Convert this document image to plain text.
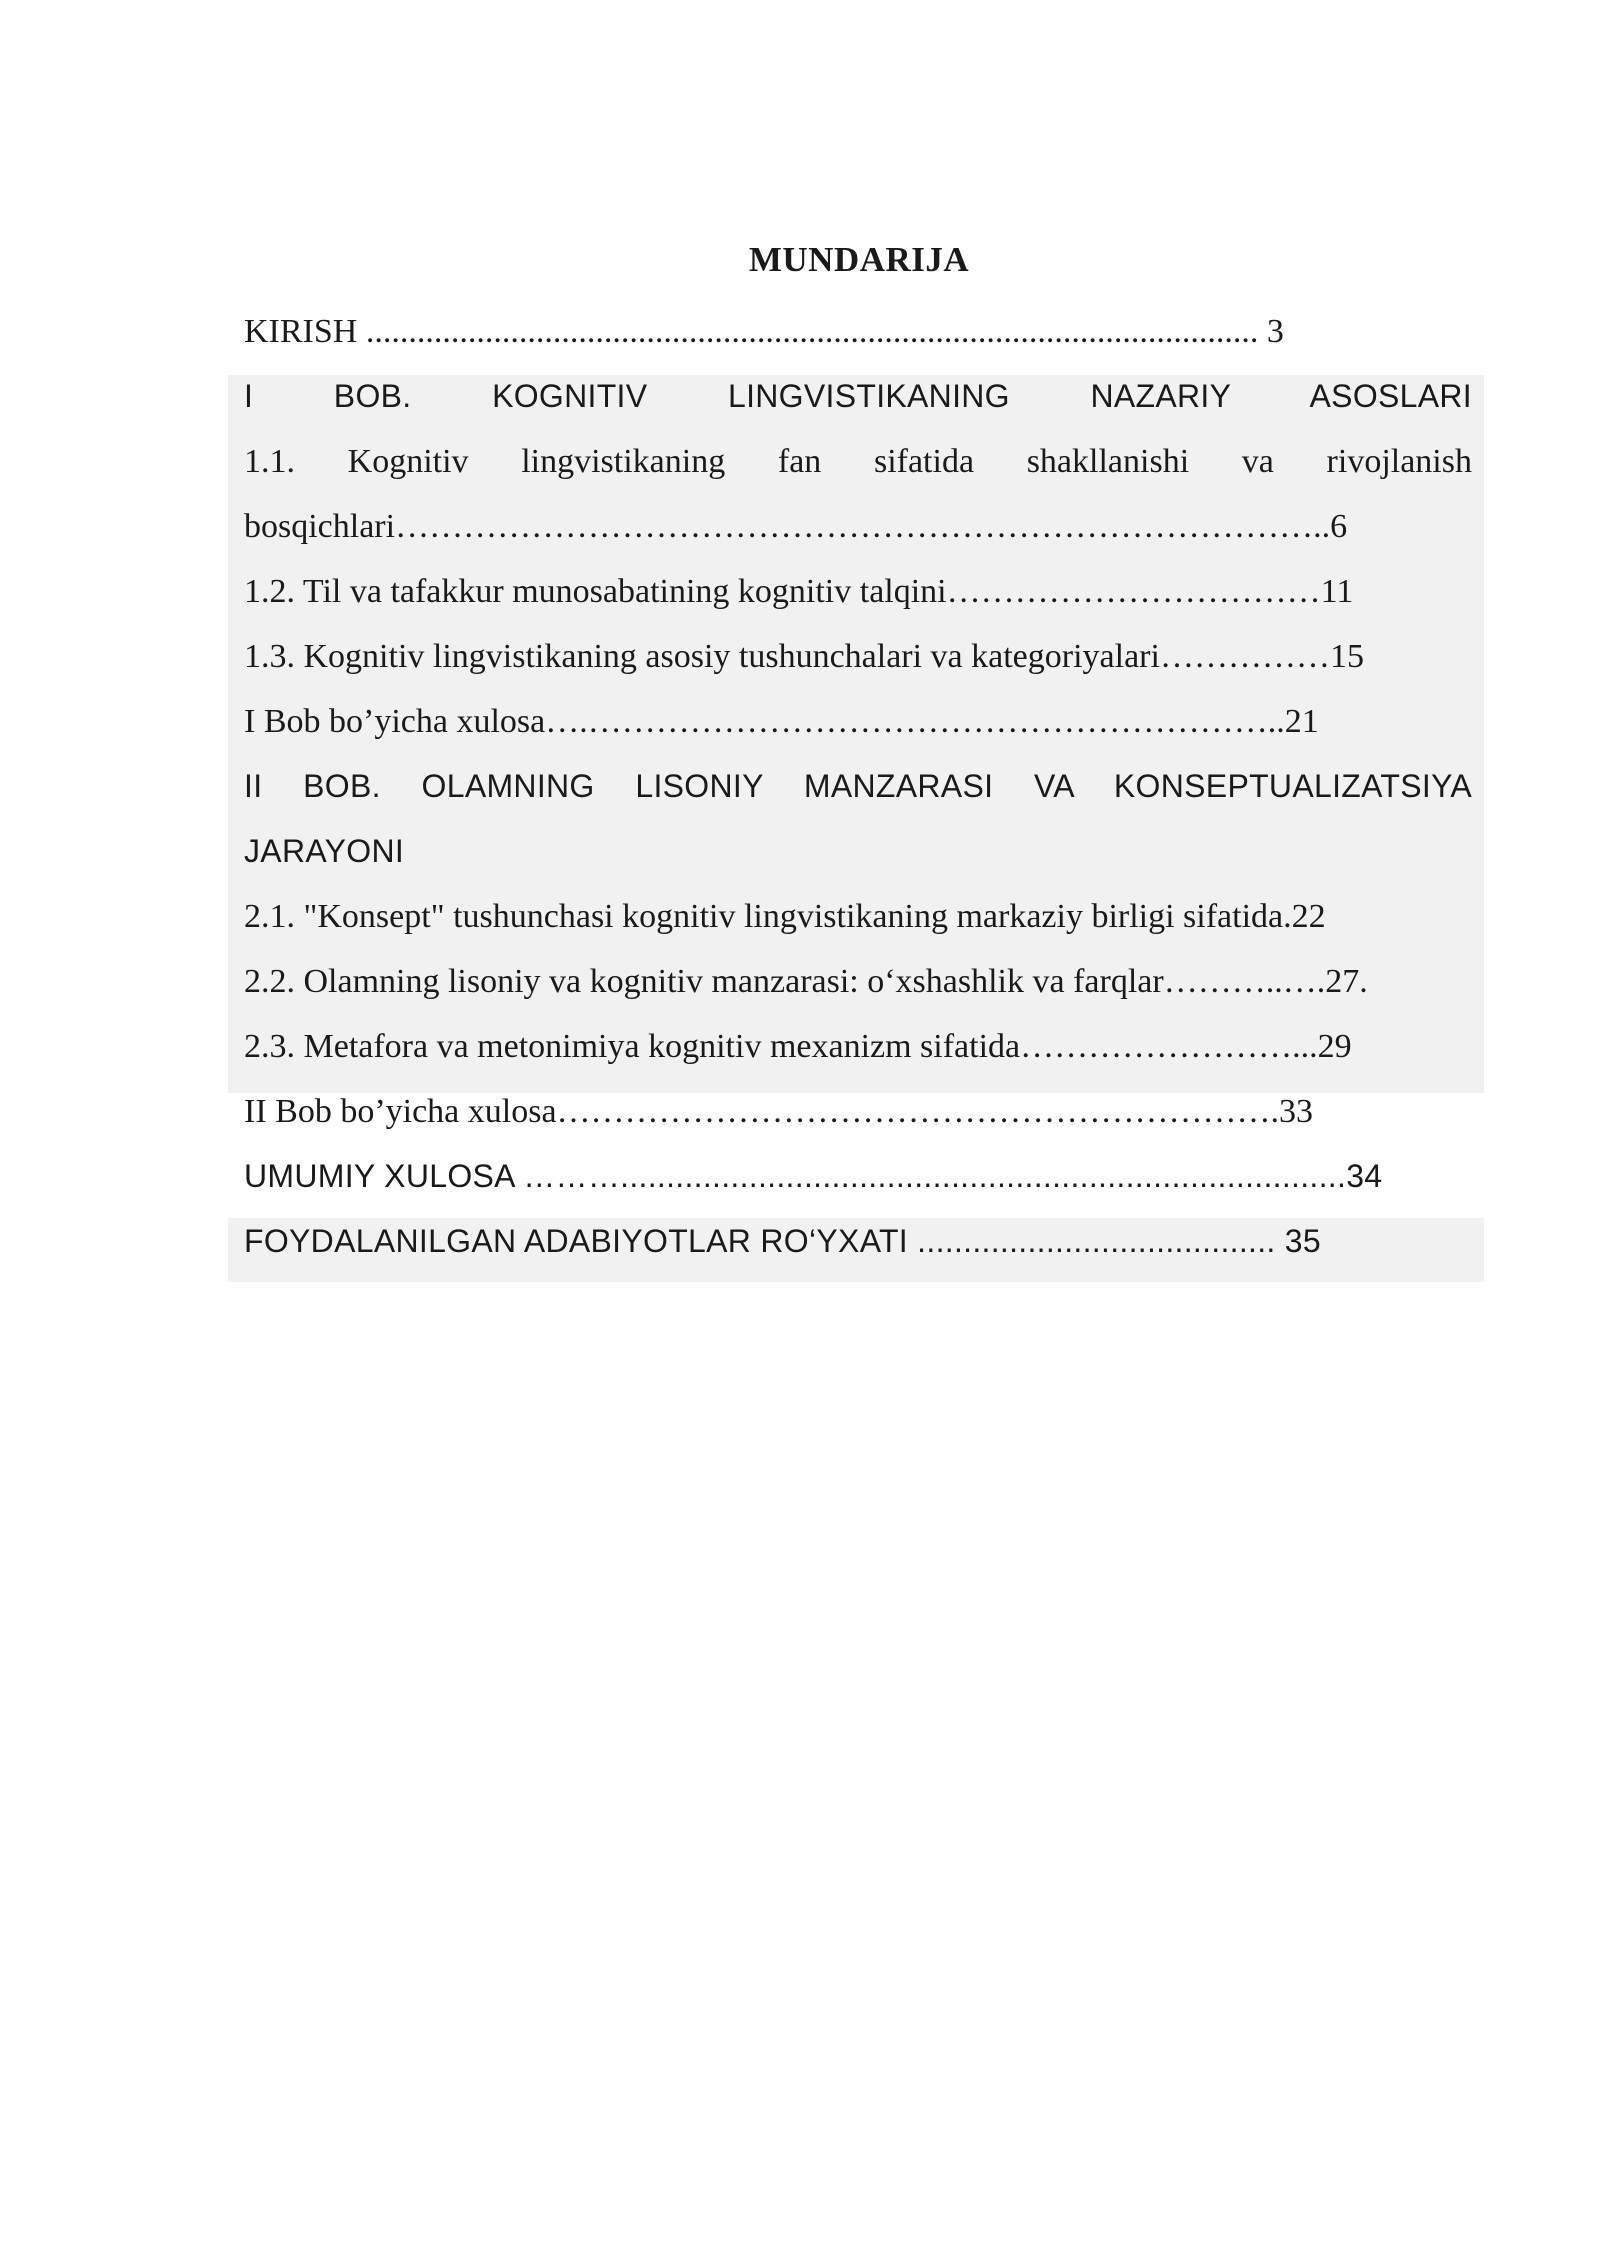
MUNDARIJA
KIRISH ......................................................................................................... 3
I BOB. KOGNITIV LINGVISTIKANING NAZARIY ASOSLARI
1.1. Kognitiv lingvistikaning fan sifatida shakllanishi va rivojlanish
bosqichlari………………………………………………………………………..6
1.2. Til va tafakkur munosabatining kognitiv talqini……………………………11
1.3. Kognitiv lingvistikaning asosiy tushunchalari va kategoriyalari……………15
I Bob bo’yicha xulosa….……………………………………………………..21
II BOB. OLAMNING LISONIY MANZARASI VA KONSEPTUALIZATSIYA
JARAYONI
2.1. "Konsept" tushunchasi kognitiv lingvistikaning markaziy birligi sifatida.22
2.2. Olamning lisoniy va kognitiv manzarasi: o‘xshashlik va farqlar………..….27.
2.3. Metafora va metonimiya kognitiv mexanizm sifatida……………………...29
II Bob bo’yicha xulosa……………………………………………………….33
UMUMIY XULOSA ………...............................................................................34
FOYDALANILGAN ADABIYOTLAR RO‘YXATI ....................................... 35
